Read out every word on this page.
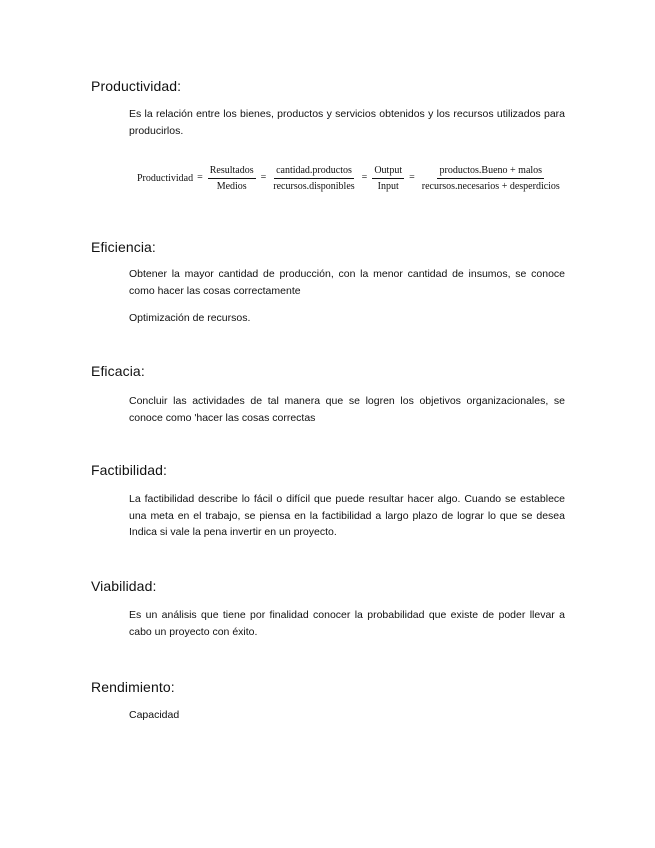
Productividad:

Es la relación entre los bienes, productos y servicios obtenidos y los recursos utilizados para producirlos.

Productividad = $\frac{\text{Resultados}}{\text{Medios}} = \frac{\text{cantidad.productos}}{\text{recursos.disponibles}} = \frac{\text{Output}}{\text{Input}} = \frac{\text{productos.Bueno + malos}}{\text{recursos.necesarios + desperdicios}}$
Eficiencia:

Obtener la mayor cantidad de producción, con la menor cantidad de insumos, se conoce como hacer las cosas correctamente

Optimización de recursos.

Eficacia:

Concluir las actividades de tal manera que se logren los objetivos organizacionales, se conoce como 'hacer las cosas correctas

Factibilidad:

La factibilidad describe lo fácil o difícil que puede resultar hacer algo. Cuando se establece una meta en el trabajo, se piensa en la factibilidad a largo plazo de lograr lo que se desea Indica si vale la pena invertir en un proyecto.

Viabilidad:

Es un análisis que tiene por finalidad conocer la probabilidad que existe de poder llevar a cabo un proyecto con éxito.

Rendimiento:

Capacidad
